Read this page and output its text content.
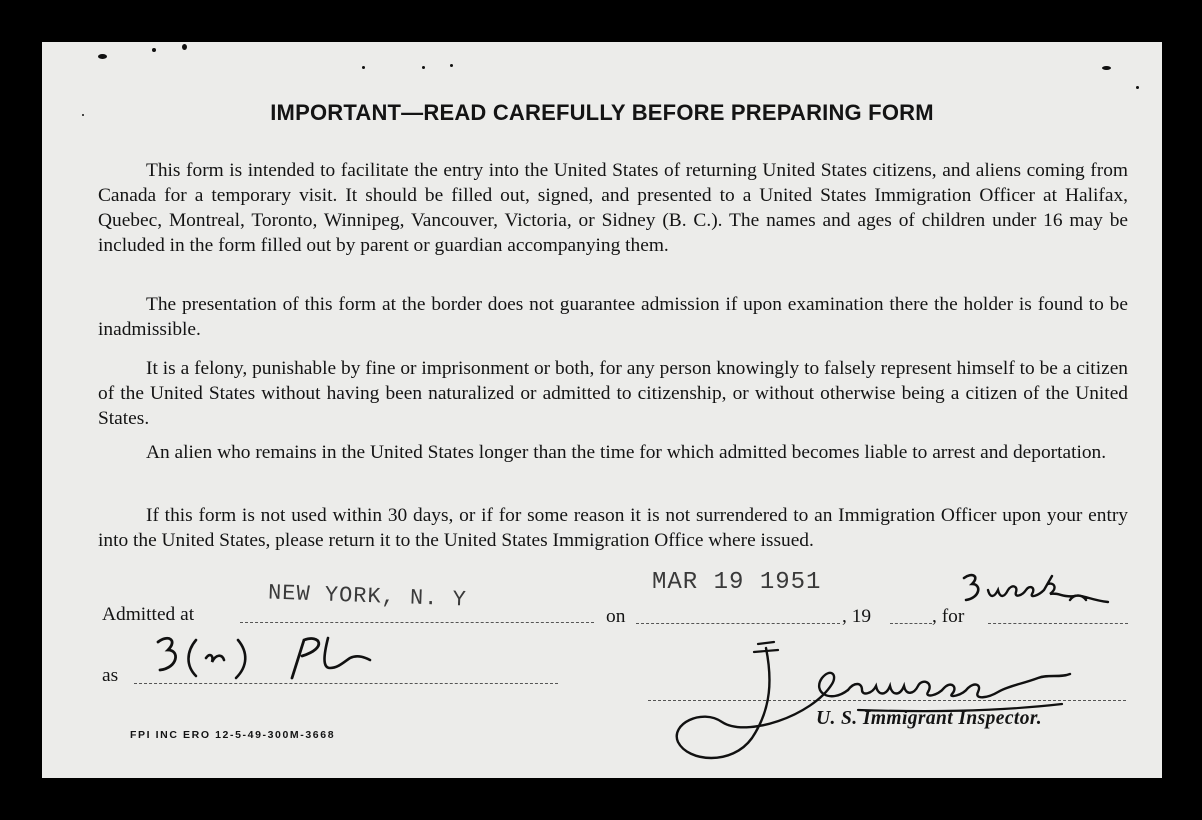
IMPORTANT—READ CAREFULLY BEFORE PREPARING FORM

This form is intended to facilitate the entry into the United States of returning United States citizens, and aliens coming from Canada for a temporary visit. It should be filled out, signed, and presented to a United States Immigration Officer at Halifax, Quebec, Montreal, Toronto, Winnipeg, Vancouver, Victoria, or Sidney (B. C.). The names and ages of children under 16 may be included in the form filled out by parent or guardian accompanying them.

The presentation of this form at the border does not guarantee admission if upon examination there the holder is found to be inadmissible.

It is a felony, punishable by fine or imprisonment or both, for any person knowingly to falsely represent himself to be a citizen of the United States without having been naturalized or admitted to citizenship, or without otherwise being a citizen of the United States.

An alien who remains in the United States longer than the time for which admitted becomes liable to arrest and deportation.

If this form is not used within 30 days, or if for some reason it is not surrendered to an Immigration Officer upon your entry into the United States, please return it to the United States Immigration Office where issued.

Admitted at
NEW YORK, N. Y
on
MAR 19 1951
, 19	, for
as
U. S. Immigrant Inspector.
FPI INC ERO 12-5-49-300M-3668
